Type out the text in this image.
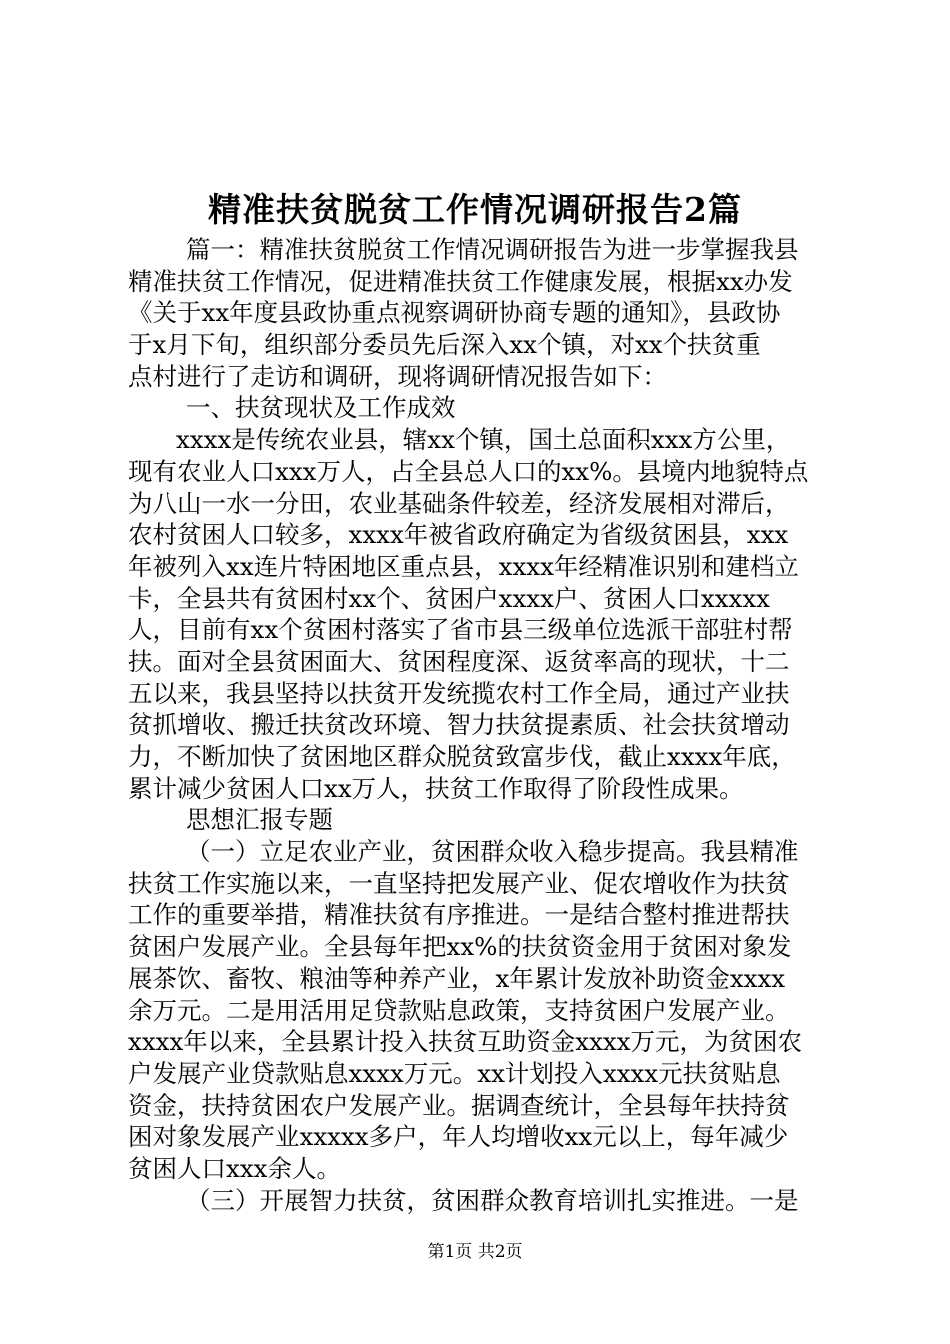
精准扶贫脱贫工作情况调研报告2篇
篇一：精准扶贫脱贫工作情况调研报告为进一步掌握我县
精准扶贫工作情况，促进精准扶贫工作健康发展，根据xx办发
《关于xx年度县政协重点视察调研协商专题的通知》，县政协
于x月下旬，组织部分委员先后深入xx个镇，对xx个扶贫重
点村进行了走访和调研，现将调研情况报告如下：
一、扶贫现状及工作成效
xxxx是传统农业县，辖xx个镇，国土总面积xxx方公里，
现有农业人口xxx万人，占全县总人口的xx%。县境内地貌特点
为八山一水一分田，农业基础条件较差，经济发展相对滞后，
农村贫困人口较多，xxxx年被省政府确定为省级贫困县，xxx
年被列入xx连片特困地区重点县，xxxx年经精准识别和建档立
卡，全县共有贫困村xx个、贫困户xxxx户、贫困人口xxxxx
人，目前有xx个贫困村落实了省市县三级单位选派干部驻村帮
扶。面对全县贫困面大、贫困程度深、返贫率高的现状，十二
五以来，我县坚持以扶贫开发统揽农村工作全局，通过产业扶
贫抓增收、搬迁扶贫改环境、智力扶贫提素质、社会扶贫增动
力，不断加快了贫困地区群众脱贫致富步伐，截止xxxx年底，
累计减少贫困人口xx万人，扶贫工作取得了阶段性成果。
思想汇报专题
（一）立足农业产业，贫困群众收入稳步提高。我县精准
扶贫工作实施以来，一直坚持把发展产业、促农增收作为扶贫
工作的重要举措，精准扶贫有序推进。一是结合整村推进帮扶
贫困户发展产业。全县每年把xx%的扶贫资金用于贫困对象发
展茶饮、畜牧、粮油等种养产业，x年累计发放补助资金xxxx
余万元。二是用活用足贷款贴息政策，支持贫困户发展产业。
xxxx年以来，全县累计投入扶贫互助资金xxxx万元，为贫困农
户发展产业贷款贴息xxxx万元。xx计划投入xxxx元扶贫贴息
资金，扶持贫困农户发展产业。据调查统计，全县每年扶持贫
困对象发展产业xxxxx多户，年人均增收xx元以上，每年减少
贫困人口xxx余人。
（三）开展智力扶贫，贫困群众教育培训扎实推进。一是
第1页 共2页
